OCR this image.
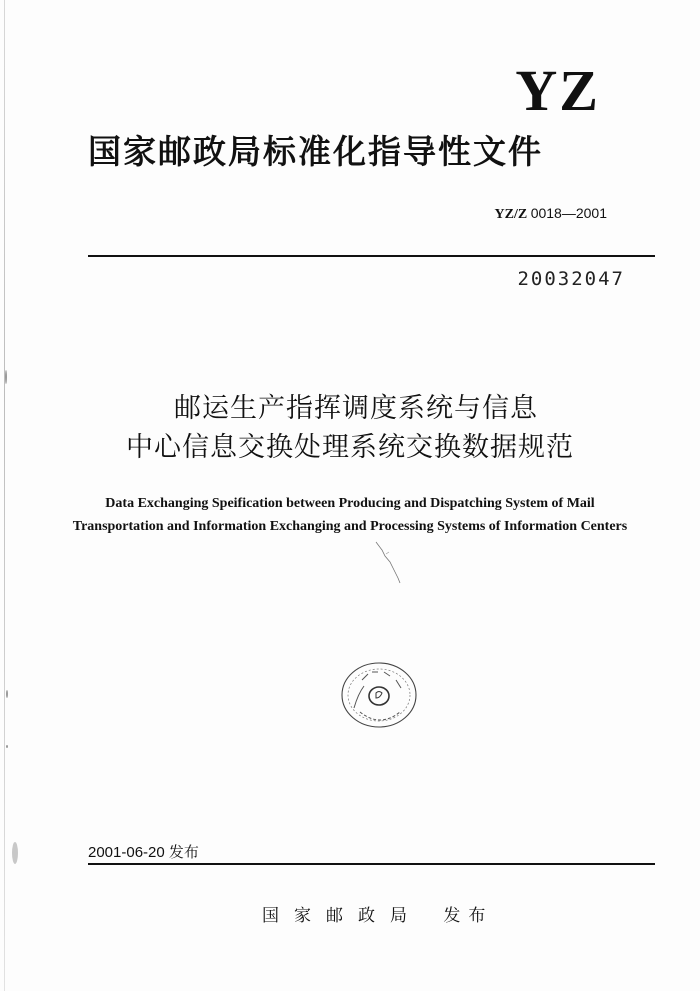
YZ
国家邮政局标准化指导性文件
YZ/Z 0018—2001
20032047
邮运生产指挥调度系统与信息
中心信息交换处理系统交换数据规范
Data Exchanging Speification between Producing and Dispatching System of Mail
Transportation and Information Exchanging and Processing Systems of Information Centers
2001-06-20 发布
国家邮政局 发布
